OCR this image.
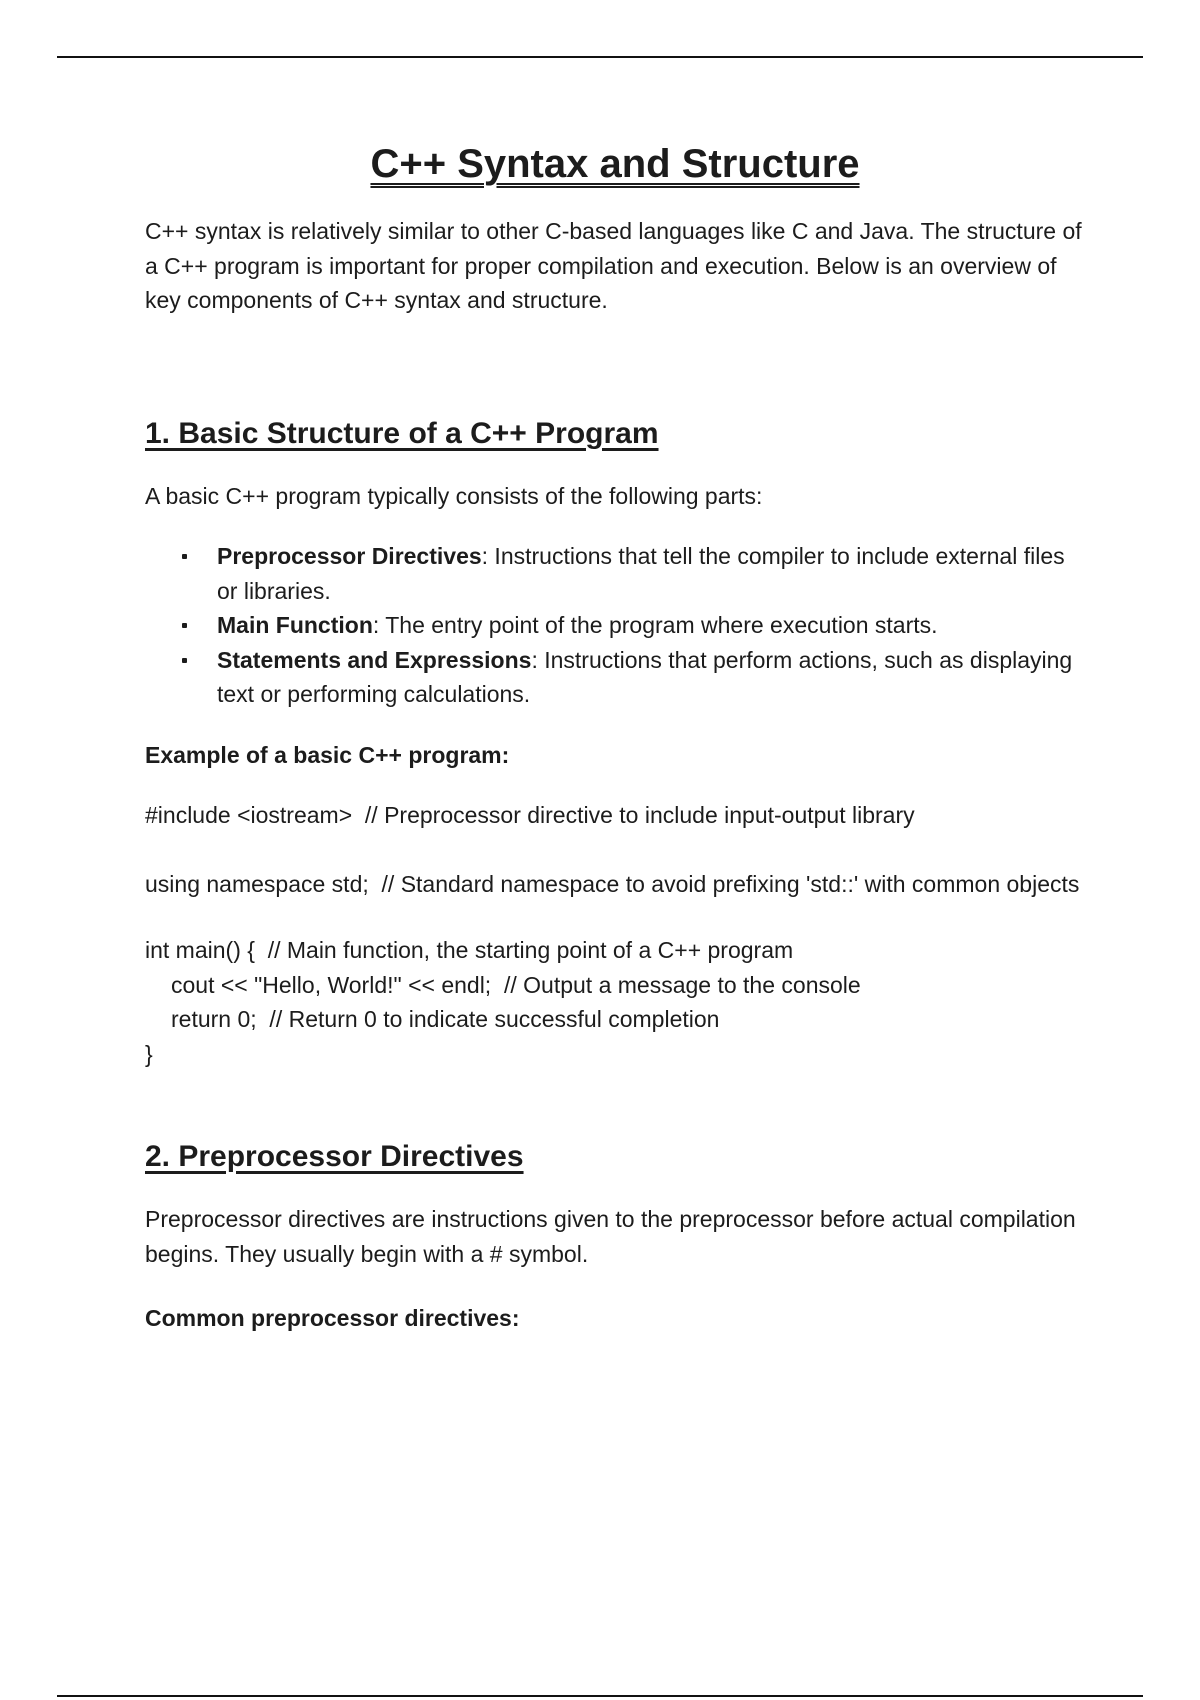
C++ Syntax and Structure

C++ syntax is relatively similar to other C-based languages like C and Java. The structure of a C++ program is important for proper compilation and execution. Below is an overview of key components of C++ syntax and structure.

1. Basic Structure of a C++ Program

A basic C++ program typically consists of the following parts:

Preprocessor Directives: Instructions that tell the compiler to include external files or libraries.
Main Function: The entry point of the program where execution starts.
Statements and Expressions: Instructions that perform actions, such as displaying text or performing calculations.

Example of a basic C++ program:

#include <iostream>  // Preprocessor directive to include input-output library
using namespace std;  // Standard namespace to avoid prefixing 'std::' with common objects
int main() {  // Main function, the starting point of a C++ program
cout << "Hello, World!" << endl;  // Output a message to the console
return 0;  // Return 0 to indicate successful completion
}
2. Preprocessor Directives

Preprocessor directives are instructions given to the preprocessor before actual compilation begins. They usually begin with a # symbol.

Common preprocessor directives:
